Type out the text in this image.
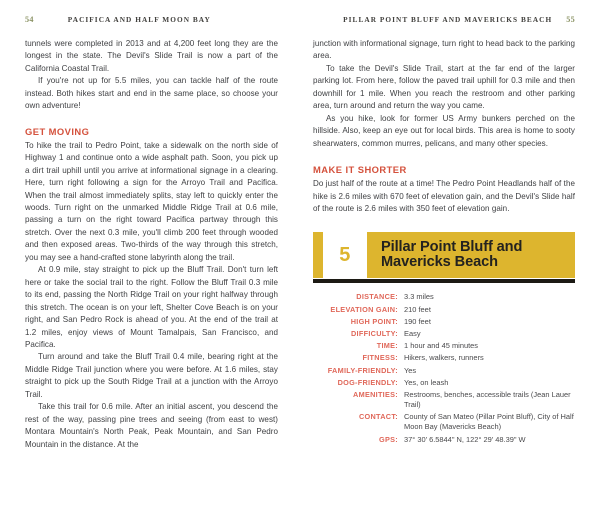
54	PACIFICA AND HALF MOON BAY

tunnels were completed in 2013 and at 4,200 feet long they are the longest in the state. The Devil's Slide Trail is now a part of the California Coastal Trail.

If you're not up for 5.5 miles, you can tackle half of the route instead. Both hikes start and end in the same place, so choose your own adventure!

GET MOVING

To hike the trail to Pedro Point, take a sidewalk on the north side of Highway 1 and continue onto a wide asphalt path. Soon, you pick up a dirt trail uphill until you arrive at informational signage in a clearing. Here, turn right following a sign for the Arroyo Trail and Pacifica. When the trail almost immediately splits, stay left to quickly enter the woods. Turn right on the unmarked Middle Ridge Trail at 0.6 mile, passing a turn on the right toward Pacifica partway through this stretch. Over the next 0.3 mile, you'll climb 200 feet through wooded and then exposed areas. Two-thirds of the way through this stretch, you may see a hand-crafted stone labyrinth along the trail.

At 0.9 mile, stay straight to pick up the Bluff Trail. Don't turn left here or take the social trail to the right. Follow the Bluff Trail 0.3 mile to its end, passing the North Ridge Trail on your right halfway through this stretch. The ocean is on your left, Shelter Cove Beach is on your right, and San Pedro Rock is ahead of you. At the end of the trail at 1.2 miles, enjoy views of Mount Tamalpais, San Francisco, and Pacifica.

Turn around and take the Bluff Trail 0.4 mile, bearing right at the Middle Ridge Trail junction where you were before. At 1.6 miles, stay straight to pick up the South Ridge Trail at a junction with the Arroyo Trail.

Take this trail for 0.6 mile. After an initial ascent, you descend the rest of the way, passing pine trees and seeing (from east to west) Montara Mountain's North Peak, Peak Mountain, and San Pedro Mountain in the distance. At the

PILLAR POINT BLUFF AND MAVERICKS BEACH 55

junction with informational signage, turn right to head back to the parking area.

To take the Devil's Slide Trail, start at the far end of the larger parking lot. From here, follow the paved trail uphill for 0.3 mile and then downhill for 1 mile. When you reach the restroom and other parking area, turn around and return the way you came.

As you hike, look for former US Army bunkers perched on the hillside. Also, keep an eye out for local birds. This area is home to sooty shearwaters, common murres, pelicans, and many other species.

MAKE IT SHORTER

Do just half of the route at a time! The Pedro Point Headlands half of the hike is 2.6 miles with 670 feet of elevation gain, and the Devil's Slide half of the route is 2.6 miles with 350 feet of elevation gain.

5	Pillar Point Bluff and Mavericks Beach
DISTANCE:	3.3 miles
ELEVATION GAIN:	210 feet
HIGH POINT:	190 feet
DIFFICULTY:	Easy
TIME:	1 hour and 45 minutes
FITNESS:	Hikers, walkers, runners
FAMILY-FRIENDLY:	Yes
DOG-FRIENDLY:	Yes, on leash
AMENITIES:	Restrooms, benches, accessible trails (Jean Lauer Trail)
CONTACT:	County of San Mateo (Pillar Point Bluff), City of Half Moon Bay (Mavericks Beach)
GPS:	37° 30' 6.5844" N, 122° 29' 48.39" W
